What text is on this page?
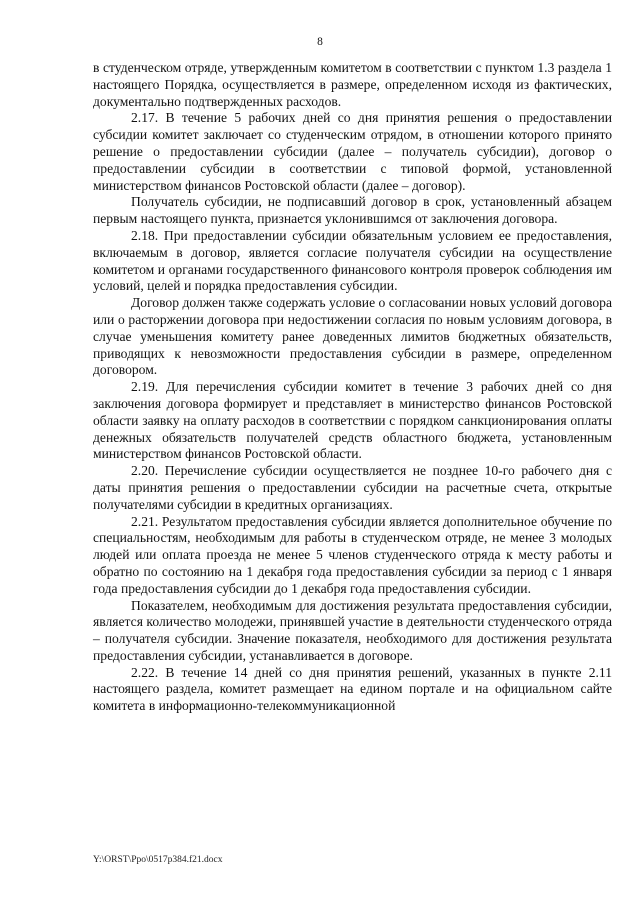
8

в студенческом отряде, утвержденным комитетом в соответствии с пунктом 1.3 раздела 1 настоящего Порядка, осуществляется в размере, определенном исходя из фактических, документально подтвержденных расходов.

2.17. В течение 5 рабочих дней со дня принятия решения о предоставлении субсидии комитет заключает со студенческим отрядом, в отношении которого принято решение о предоставлении субсидии (далее – получатель субсидии), договор о предоставлении субсидии в соответствии с типовой формой, установленной министерством финансов Ростовской области (далее – договор).

Получатель субсидии, не подписавший договор в срок, установленный абзацем первым настоящего пункта, признается уклонившимся от заключения договора.

2.18. При предоставлении субсидии обязательным условием ее предоставления, включаемым в договор, является согласие получателя субсидии на осуществление комитетом и органами государственного финансового контроля проверок соблюдения им условий, целей и порядка предоставления субсидии.

Договор должен также содержать условие о согласовании новых условий договора или о расторжении договора при недостижении согласия по новым условиям договора, в случае уменьшения комитету ранее доведенных лимитов бюджетных обязательств, приводящих к невозможности предоставления субсидии в размере, определенном договором.

2.19. Для перечисления субсидии комитет в течение 3 рабочих дней со дня заключения договора формирует и представляет в министерство финансов Ростовской области заявку на оплату расходов в соответствии с порядком санкционирования оплаты денежных обязательств получателей средств областного бюджета, установленным министерством финансов Ростовской области.

2.20. Перечисление субсидии осуществляется не позднее 10-го рабочего дня с даты принятия решения о предоставлении субсидии на расчетные счета, открытые получателями субсидии в кредитных организациях.

2.21. Результатом предоставления субсидии является дополнительное обучение по специальностям, необходимым для работы в студенческом отряде, не менее 3 молодых людей или оплата проезда не менее 5 членов студенческого отряда к месту работы и обратно по состоянию на 1 декабря года предоставления субсидии за период с 1 января года предоставления субсидии до 1 декабря года предоставления субсидии.

Показателем, необходимым для достижения результата предоставления субсидии, является количество молодежи, принявшей участие в деятельности студенческого отряда – получателя субсидии. Значение показателя, необходимого для достижения результата предоставления субсидии, устанавливается в договоре.

2.22. В течение 14 дней со дня принятия решений, указанных в пункте 2.11 настоящего раздела, комитет размещает на едином портале и на официальном сайте комитета в информационно-телекоммуникационной

Y:\ORST\Ppo\0517p384.f21.docx
